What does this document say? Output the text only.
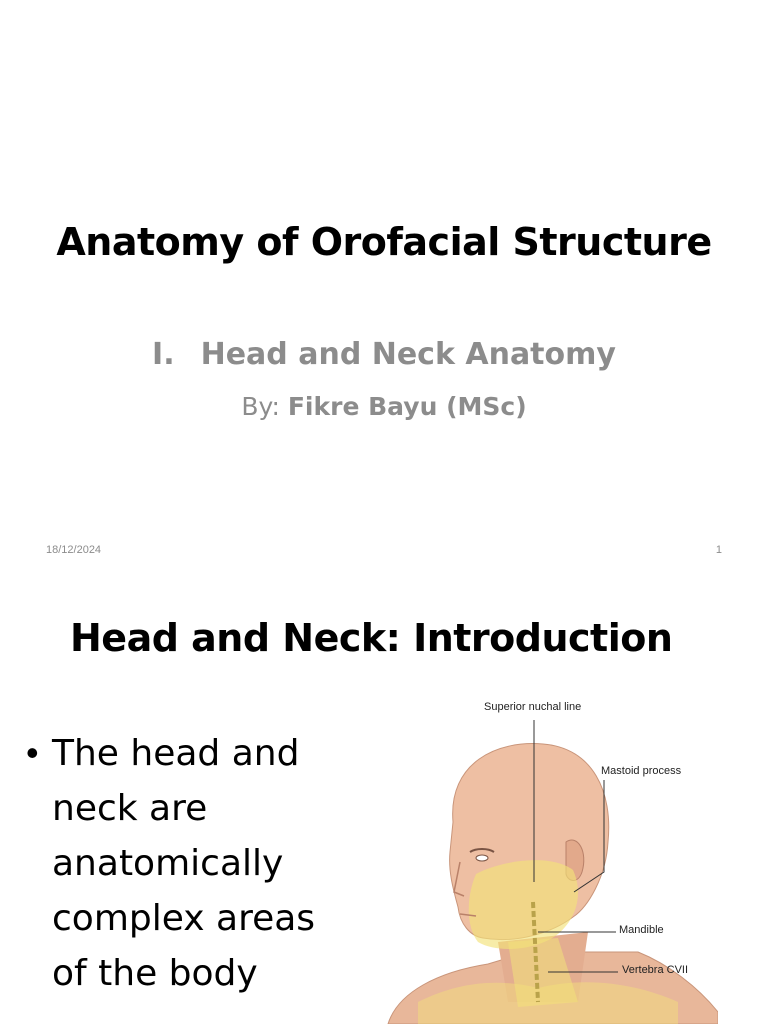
Anatomy of Orofacial Structure
I. Head and Neck Anatomy
By: Fikre Bayu (MSc)
18/12/2024	1
Head and Neck: Introduction
• The head and neck are anatomically complex areas of the body
Superior nuchal line
Mastoid process
Mandible
Vertebra CVII
